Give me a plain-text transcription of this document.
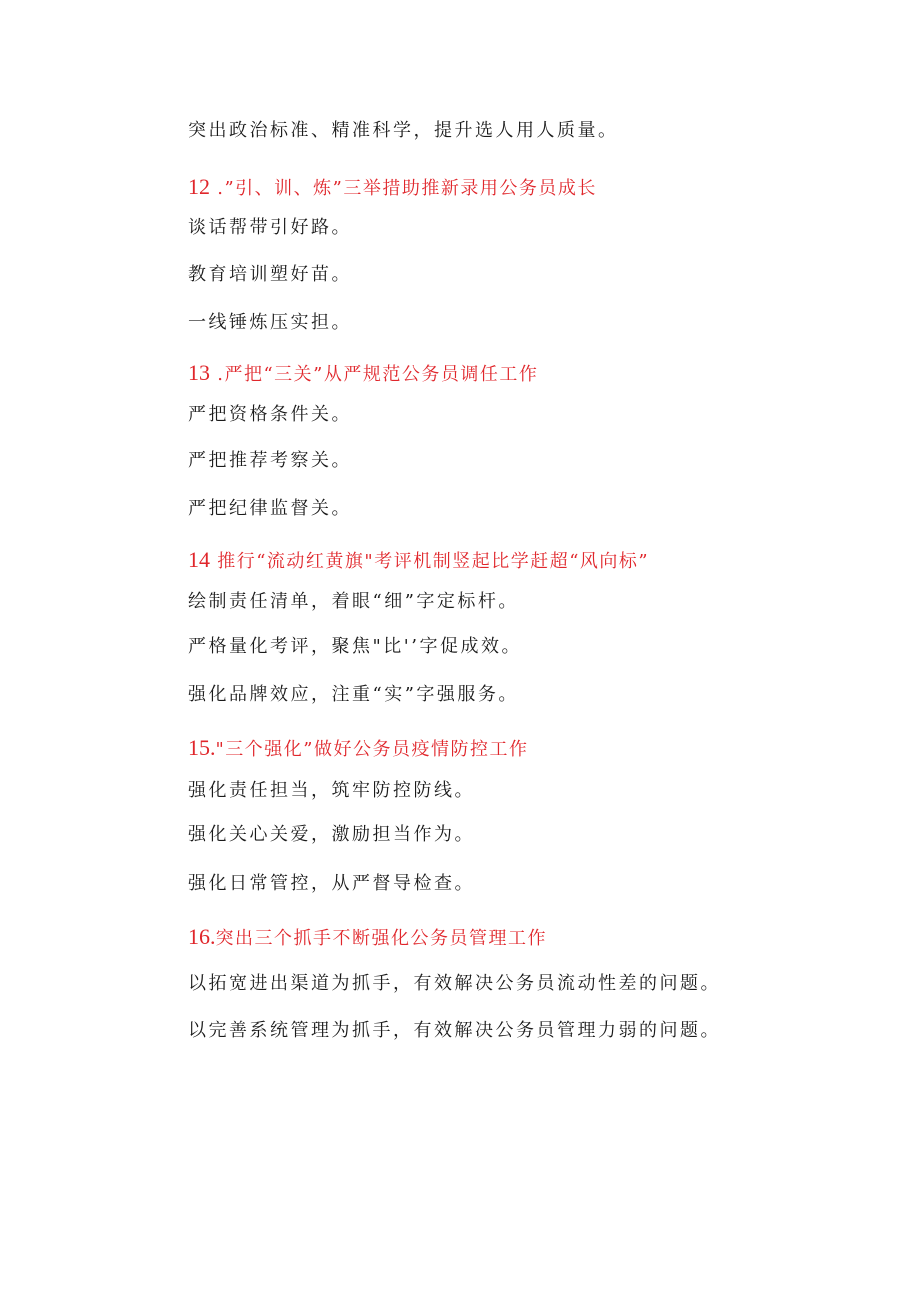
突出政治标准、精准科学，提升选人用人质量。
12 .”引、训、炼”三举措助推新录用公务员成长
谈话帮带引好路。
教育培训塑好苗。
一线锤炼压实担。
13 .严把“三关”从严规范公务员调任工作
严把资格条件关。
严把推荐考察关。
严把纪律监督关。
14 推行“流动红黄旗"考评机制竖起比学赶超“风向标”
绘制责任清单，着眼“细”字定标杆。
严格量化考评，聚焦"比'’字促成效。
强化品牌效应，注重“实”字强服务。
15."三个强化”做好公务员疫情防控工作
强化责任担当，筑牢防控防线。
强化关心关爱，激励担当作为。
强化日常管控，从严督导检查。
16.突出三个抓手不断强化公务员管理工作
以拓宽进出渠道为抓手，有效解决公务员流动性差的问题。
以完善系统管理为抓手，有效解决公务员管理力弱的问题。
